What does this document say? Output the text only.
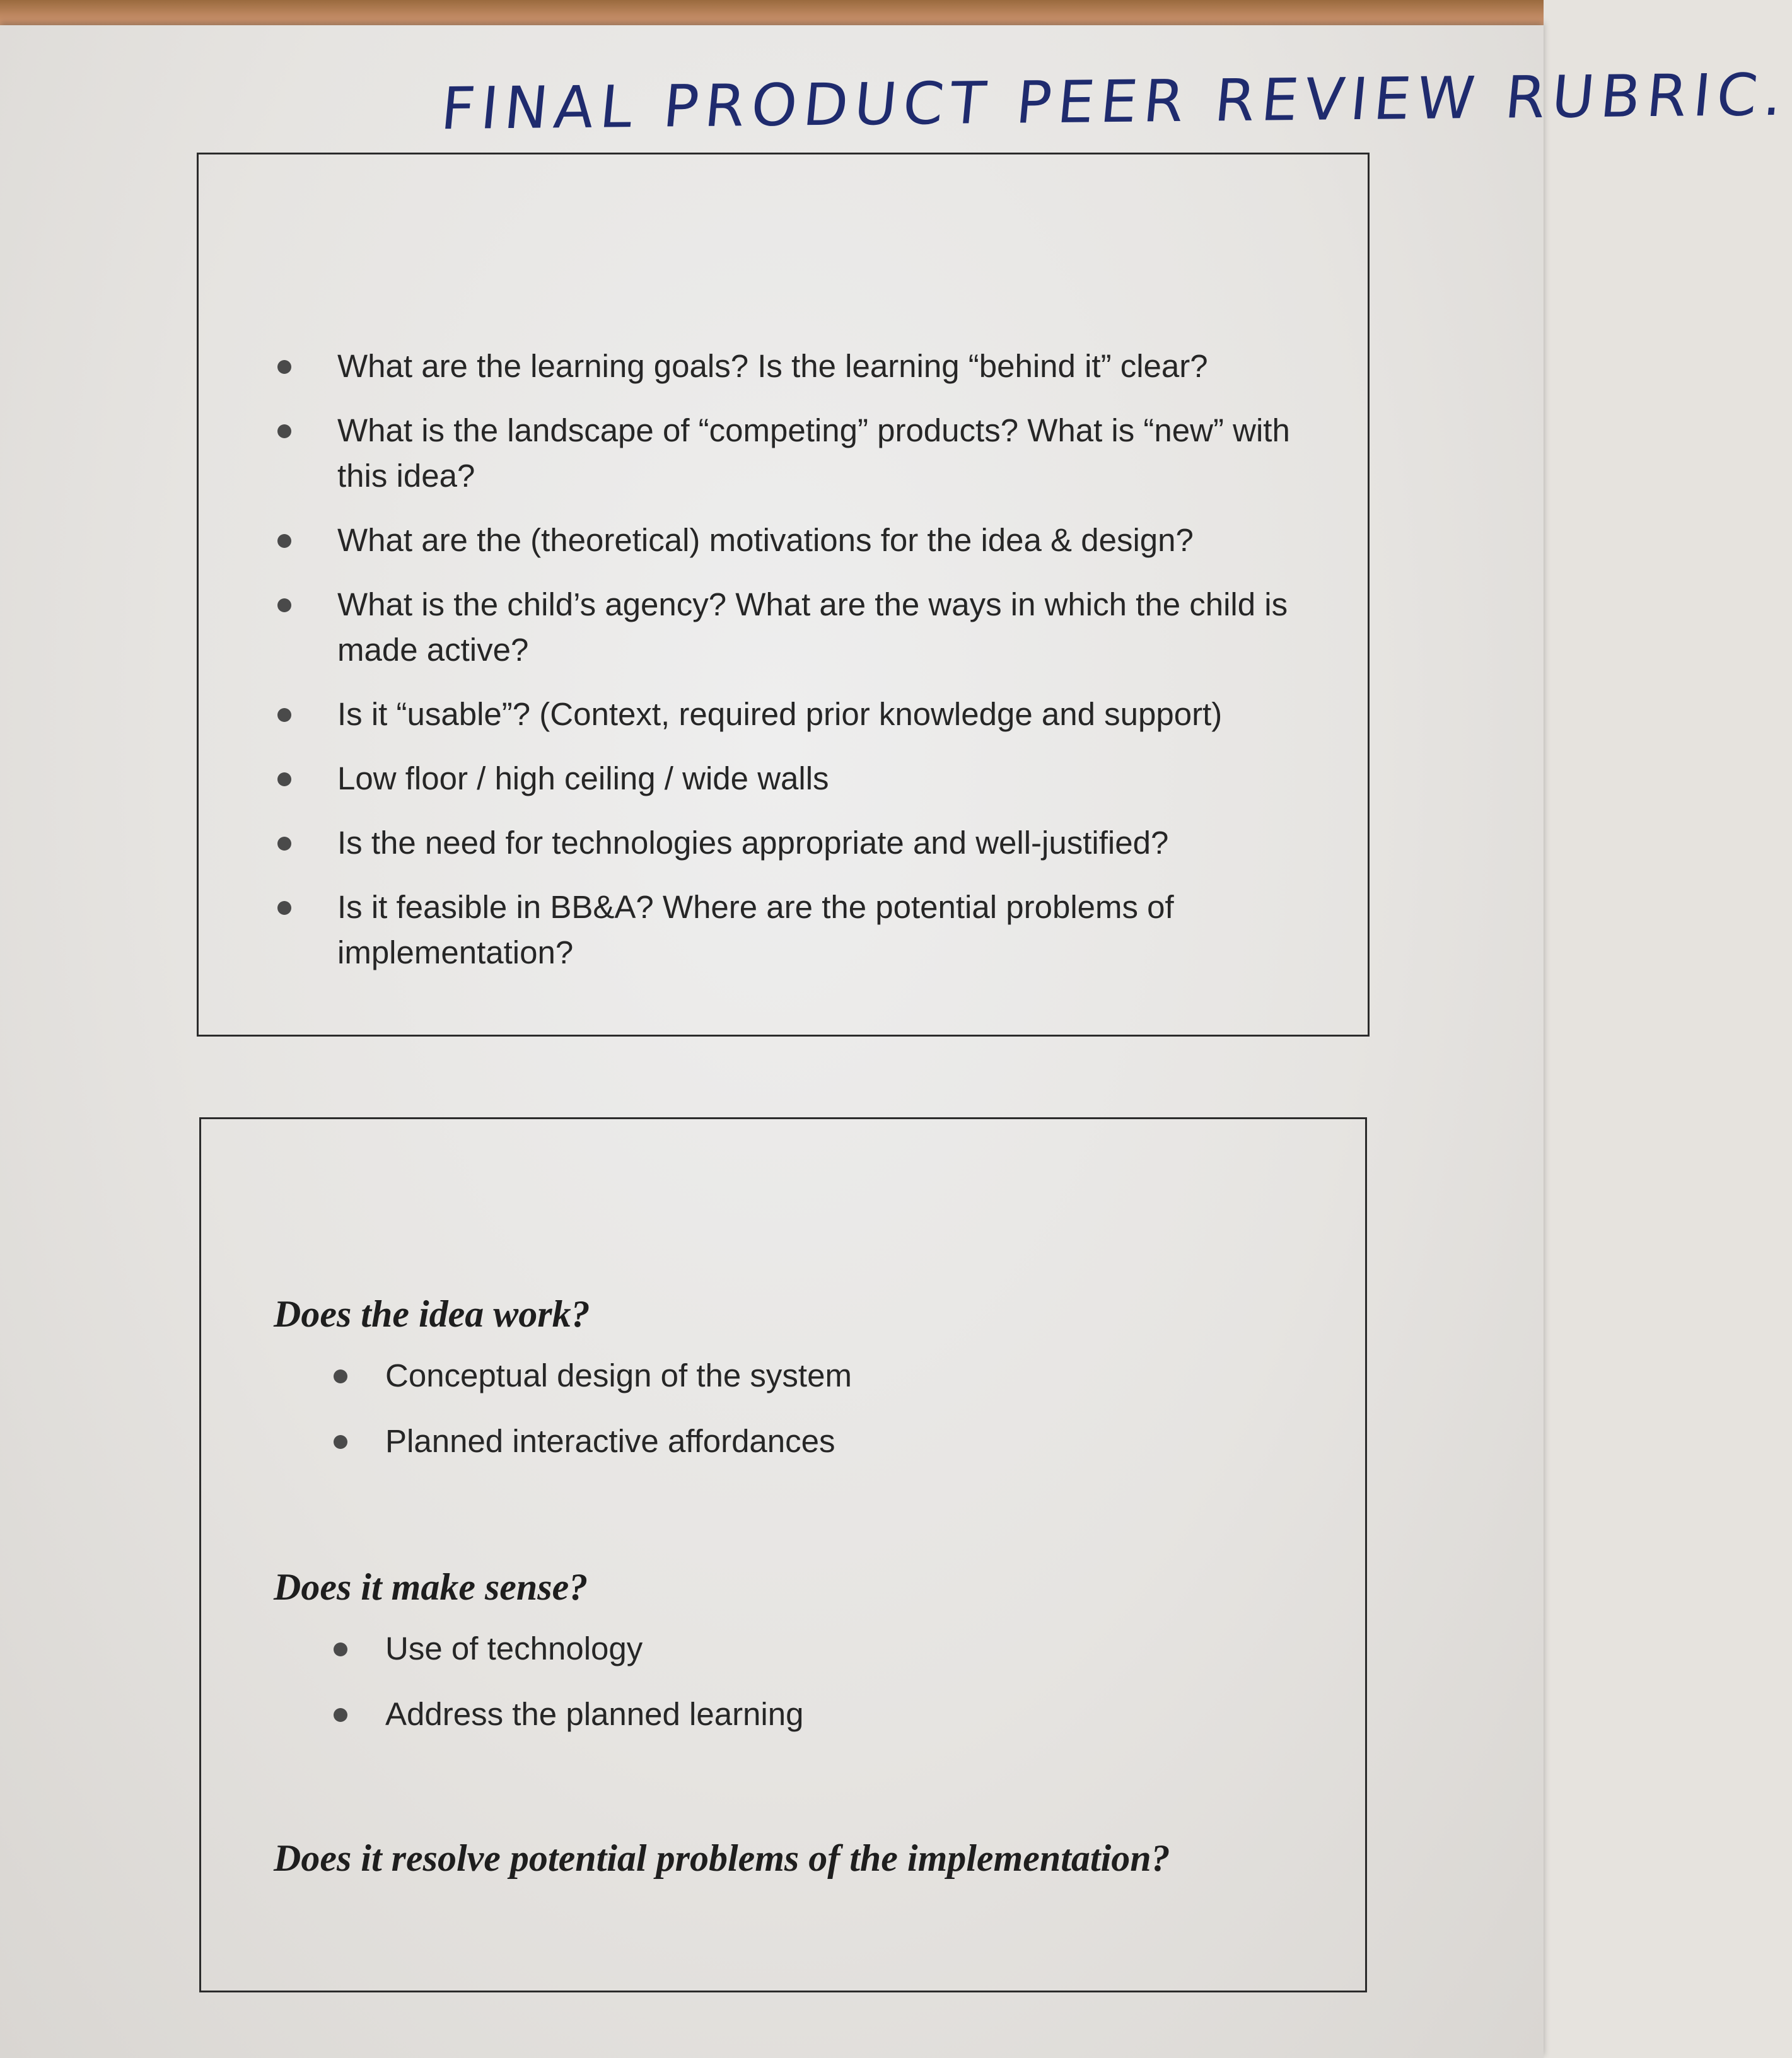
FINAL PRODUCT PEER REVIEW RUBRIC.
What are the learning goals? Is the learning “behind it” clear?
What is the landscape of “competing” products? What is “new” with this idea?
What are the (theoretical) motivations for the idea & design?
What is the child’s agency? What are the ways in which the child is made active?
Is it “usable”? (Context, required prior knowledge and support)
Low floor / high ceiling / wide walls
Is the need for technologies appropriate and well-justified?
Is it feasible in BB&A? Where are the potential problems of implementation?
Does the idea work?
Conceptual design of the system
Planned interactive affordances
Does it make sense?
Use of technology
Address the planned learning
Does it resolve potential problems of the implementation?
